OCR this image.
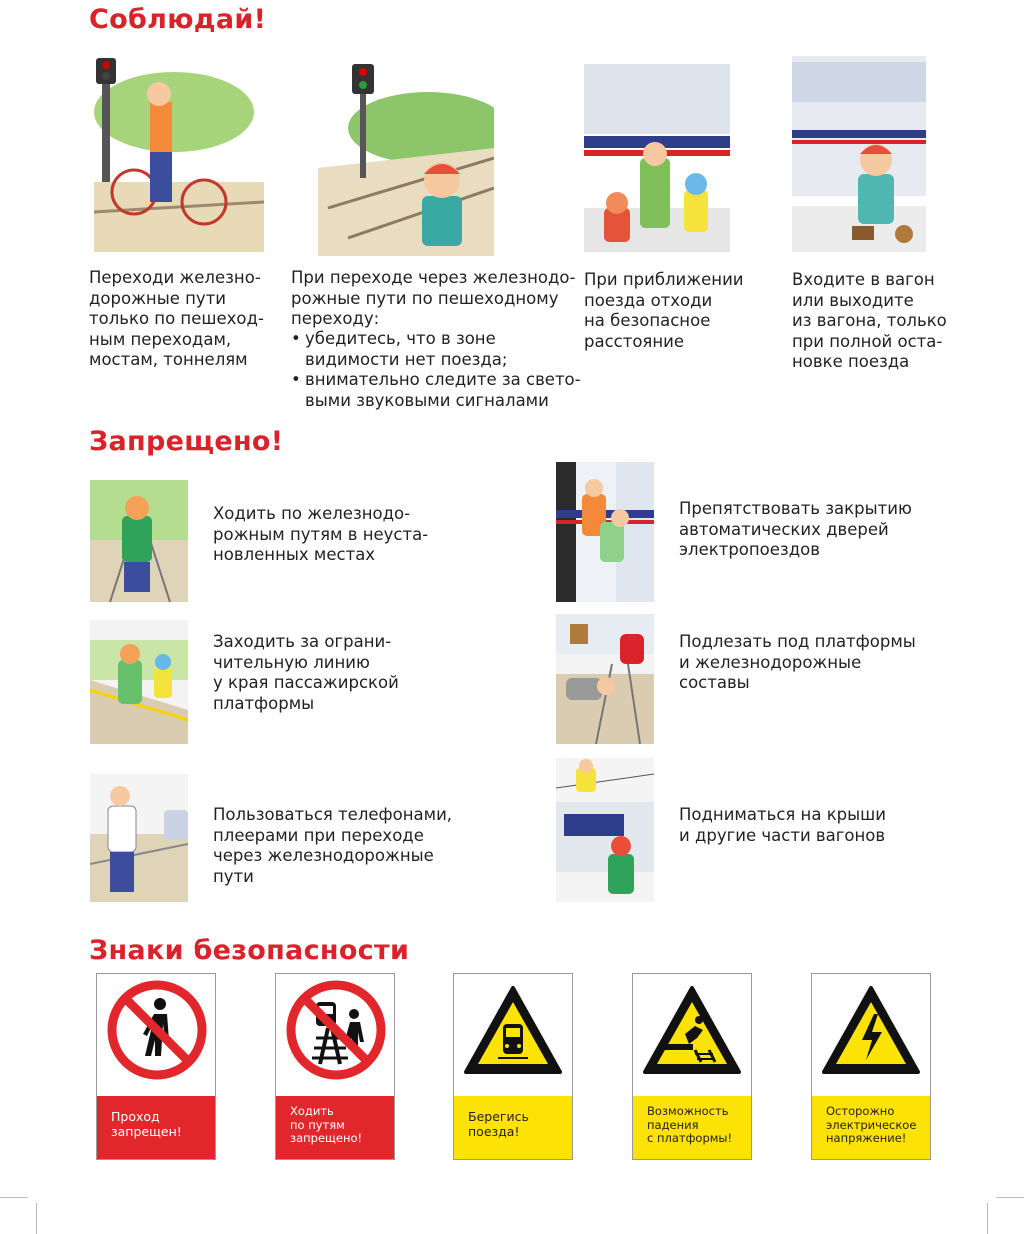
Соблюдай!
Переходи железно-
дорожные пути
только по пешеход-
ным переходам,
мостам, тоннелям
При переходе через железнодо-
рожные пути по пешеходному
переходу:
• убедитесь, что в зоне
видимости нет поезда;
• внимательно следите за свето-
выми звуковыми сигналами
При приближении
поезда отходи
на безопасное
расстояние
Входите в вагон
или выходите
из вагона, только
при полной оста-
новке поезда
Запрещено!
Ходить по железнодо-
рожным путям в неуста-
новленных местах
Препятствовать закрытию
автоматических дверей
электропоездов
Заходить за ограни-
чительную линию
у края пассажирской
платформы
Подлезать под платформы
и железнодорожные
составы
Пользоваться телефонами,
плеерами при переходе
через железнодорожные
пути
Подниматься на крыши
и другие части вагонов
Знаки безопасности
Проход
запрещен!
Ходить
по путям
запрещено!
Берегись
поезда!
Возможность
падения
с платформы!
Осторожно
электрическое
напряжение!
